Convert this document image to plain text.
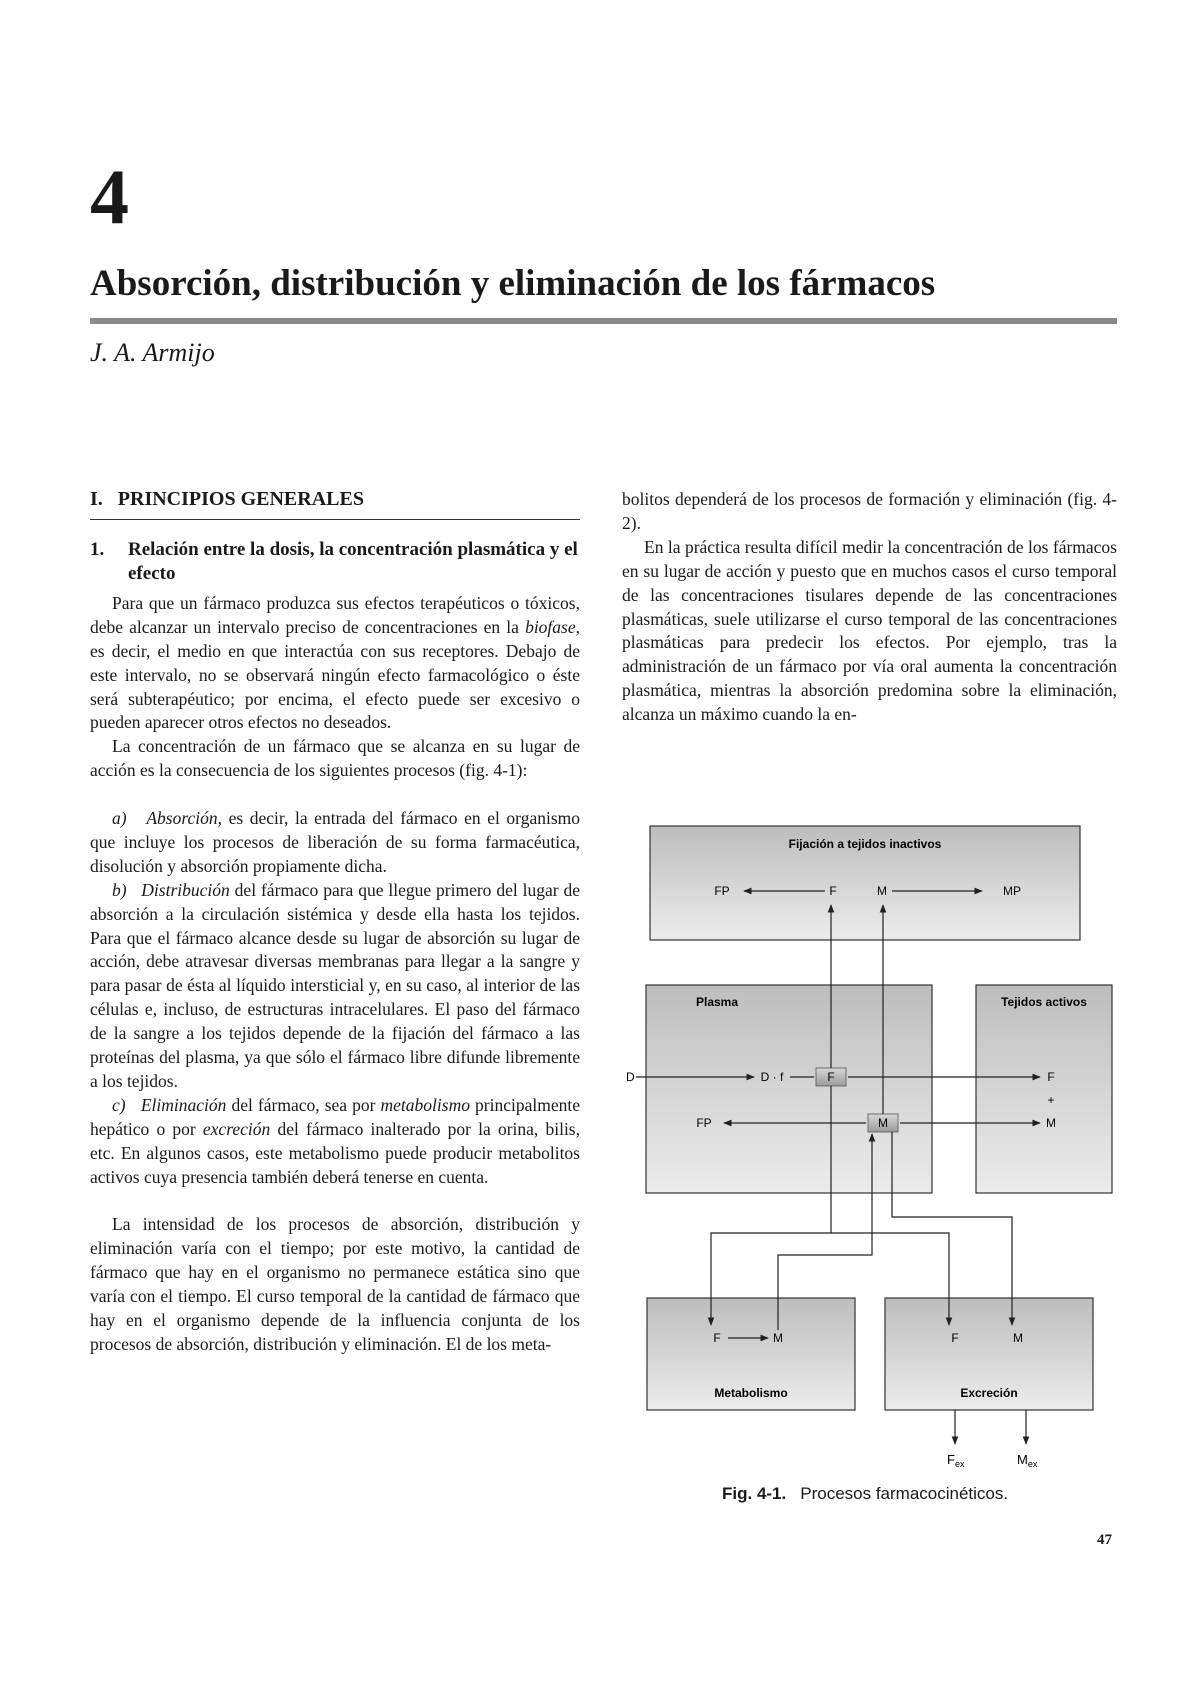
4
Absorción, distribución y eliminación de los fármacos
J. A. Armijo
I. PRINCIPIOS GENERALES
1.	Relación entre la dosis, la concentración plasmática y el efecto

Para que un fármaco produzca sus efectos terapéuticos o tóxicos, debe alcanzar un intervalo preciso de concentraciones en la biofase, es decir, el medio en que interactúa con sus receptores. Debajo de este intervalo, no se observará ningún efecto farmacológico o éste será subterapéutico; por encima, el efecto puede ser excesivo o pueden aparecer otros efectos no deseados.

La concentración de un fármaco que se alcanza en su lugar de acción es la consecuencia de los siguientes procesos (fig. 4-1):

a) Absorción, es decir, la entrada del fármaco en el organismo que incluye los procesos de liberación de su forma farmacéutica, disolución y absorción propiamente dicha.

b) Distribución del fármaco para que llegue primero del lugar de absorción a la circulación sistémica y desde ella hasta los tejidos. Para que el fármaco alcance desde su lugar de absorción su lugar de acción, debe atravesar diversas membranas para llegar a la sangre y para pasar de ésta al líquido intersticial y, en su caso, al interior de las células e, incluso, de estructuras intracelulares. El paso del fármaco de la sangre a los tejidos depende de la fijación del fármaco a las proteínas del plasma, ya que sólo el fármaco libre difunde libremente a los tejidos.

c) Eliminación del fármaco, sea por metabolismo principalmente hepático o por excreción del fármaco inalterado por la orina, bilis, etc. En algunos casos, este metabolismo puede producir metabolitos activos cuya presencia también deberá tenerse en cuenta.

La intensidad de los procesos de absorción, distribución y eliminación varía con el tiempo; por este motivo, la cantidad de fármaco que hay en el organismo no permanece estática sino que varía con el tiempo. El curso temporal de la cantidad de fármaco que hay en el organismo depende de la influencia conjunta de los procesos de absorción, distribución y eliminación. El de los meta-

bolitos dependerá de los procesos de formación y eliminación (fig. 4-2).

En la práctica resulta difícil medir la concentración de los fármacos en su lugar de acción y puesto que en muchos casos el curso temporal de las concentraciones tisulares depende de las concentraciones plasmáticas, suele utilizarse el curso temporal de las concentraciones plasmáticas para predecir los efectos. Por ejemplo, tras la administración de un fármaco por vía oral aumenta la concentración plasmática, mientras la absorción predomina sobre la eliminación, alcanza un máximo cuando la en-

Fijación a tejidos inactivos
Plasma	Tejidos activos
Metabolismo	Excreción
FP	F	M	MP
F
M
D	D · f
FP
F
+
M
F	M	F	M
$F_{ex}$	$M_{ex}$
Fig. 4-1. Procesos farmacocinéticos.
47
